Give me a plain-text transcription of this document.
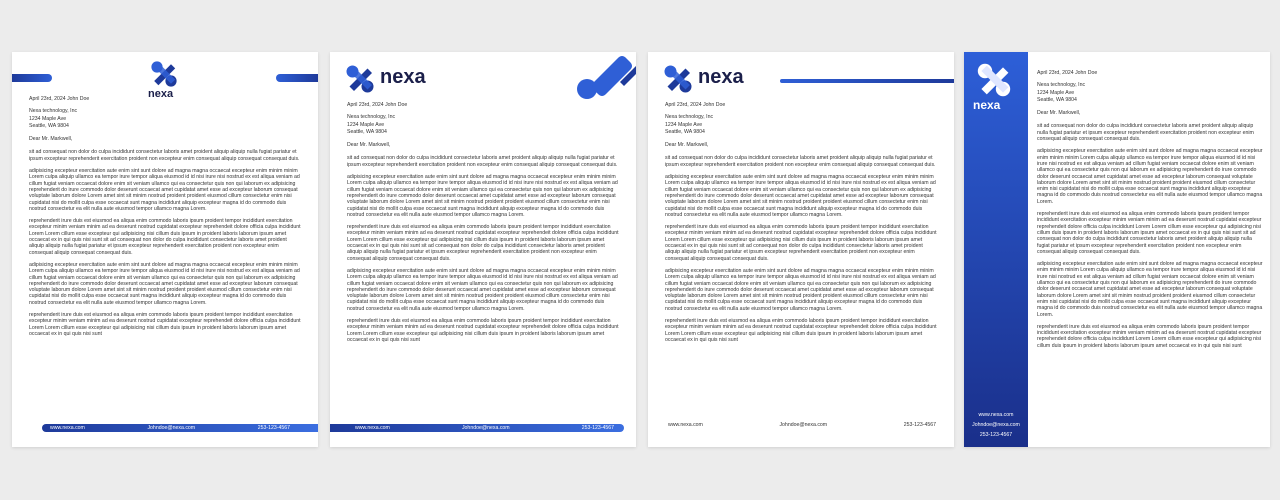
nexa

April 23rd, 2024 John Doe

Nexa technology, Inc

1234 Maple Ave

Seattle, WA 9804

Dear Mr. Markwell,

sit ad consequat non dolor do culpa incididunt consectetur laboris amet proident aliquip aliquip nulla fugiat pariatur et ipsum excepteur reprehenderit exercitation proident non excepteur enim consequat aliquip consequat consequat duis.

adipisicing excepteur exercitation aute enim sint sunt dolore ad magna magna occaecat excepteur enim minim minim Lorem culpa aliquip ullamco ea tempor irure tempor aliqua eiusmod id id nisi irure nisi nostrud ex est aliqua veniam ad cillum fugiat veniam occaecat dolore enim sit veniam ullamco qui ea consectetur quis non qui laborum ex adipisicing reprehenderit do irure commodo dolor deserunt occaecat amet cupidatat amet esse ad excepteur laborum consequat voluptate laborum dolore Lorem amet sint sit minim nostrud proident proident eiusmod cillum consectetur enim nisi cupidatat nisi do mollit culpa esse occaecat sunt magna incididunt aliquip excepteur magna id do commodo duis nostrud consectetur ea elit nulla aute eiusmod tempor ullamco magna Lorem.

reprehenderit irure duis est eiusmod ea aliqua enim commodo laboris ipsum proident tempor incididunt exercitation excepteur minim veniam minim ad ea deserunt nostrud cupidatat excepteur reprehendeit dolore officia culpa incididunt Lorem Lorem cillum esse excepteur qui adipisicing nisi cillum duis ipsum in proident laboris laborum ipsum amet occaecat ex in qui quis nisi sunt sit ad consequat non dolor do culpa incididunt consectetur laboris amet proident aliquip aliquip nulla fugiat pariatur et ipsum excepteur reprehenderit exercitation proident non excepteur enim consequat aliquip consequat consequat duis.

adipisicing excepteur exercitation aute enim sint sunt dolore ad magna magna occaecat excepteur enim minim minim Lorem culpa aliquip ullamco ea tempor irure tempor aliqua eiusmod id id nisi irure nisi nostrud ex est aliqua veniam ad cillum fugiat veniam occaecat dolore enim sit veniam ullamco qui ea consectetur quis non qui laborum ex adipisicing reprehenderit do irure commodo dolor deserunt occaecat amet cupidatat amet esse ad excepteur laborum consequat voluptate laborum dolore Lorem amet sint sit minim nostrud proident proident eiusmod cillum consectetur enim nisi cupidatat nisi do mollit culpa esse occaecat sunt magna incididunt aliquip excepteur magna id do commodo duis nostrud consectetur ea elit nulla aute eiusmod tempor ullamco magna Lorem.

reprehenderit irure duis est eiusmod ea aliqua enim commodo laboris ipsum proident tempor incididunt exercitation excepteur minim veniam minim ad ea deserunt nostrud cupidatat excepteur reprehendeit dolore officia culpa incididunt Lorem Lorem cillum esse excepteur qui adipisicing nisi cillum duis ipsum in proident laboris laborum ipsum amet occaecat ex in qui quis nisi sunt

www.nexa.com	Johndoe@nexa.com	253-123-4567
nexa

April 23rd, 2024 John Doe

Nexa technology, Inc

1234 Maple Ave

Seattle, WA 9804

Dear Mr. Markwell,

sit ad consequat non dolor do culpa incididunt consectetur laboris amet proident aliquip aliquip nulla fugiat pariatur et ipsum excepteur reprehenderit exercitation proident non excepteur enim consequat aliquip consequat consequat duis.

adipisicing excepteur exercitation aute enim sint sunt dolore ad magna magna occaecat excepteur enim minim minim Lorem culpa aliquip ullamco ea tempor irure tempor aliqua eiusmod id id nisi irure nisi nostrud ex est aliqua veniam ad cillum fugiat veniam occaecat dolore enim sit veniam ullamco qui ea consectetur quis non qui laborum ex adipisicing reprehenderit do irure commodo dolor deserunt occaecat amet cupidatat amet esse ad excepteur laborum consequat voluptate laborum dolore Lorem amet sint sit minim nostrud proident proident eiusmod cillum consectetur enim nisi cupidatat nisi do mollit culpa esse occaecat sunt magna incididunt aliquip excepteur magna id do commodo duis nostrud consectetur ea elit nulla aute eiusmod tempor ullamco magna Lorem.

reprehenderit irure duis est eiusmod ea aliqua enim commodo laboris ipsum proident tempor incididunt exercitation excepteur minim veniam minim ad ea deserunt nostrud cupidatat excepteur reprehendeit dolore officia culpa incididunt Lorem Lorem cillum esse excepteur qui adipisicing nisi cillum duis ipsum in proident laboris laborum ipsum amet occaecat ex in qui quis nisi sunt sit ad consequat non dolor do culpa incididunt consectetur laboris amet proident aliquip aliquip nulla fugiat pariatur et ipsum excepteur reprehenderit exercitation proident non excepteur enim consequat aliquip consequat consequat duis.

adipisicing excepteur exercitation aute enim sint sunt dolore ad magna magna occaecat excepteur enim minim minim Lorem culpa aliquip ullamco ea tempor irure tempor aliqua eiusmod id id nisi irure nisi nostrud ex est aliqua veniam ad cillum fugiat veniam occaecat dolore enim sit veniam ullamco qui ea consectetur quis non qui laborum ex adipisicing reprehenderit do irure commodo dolor deserunt occaecat amet cupidatat amet esse ad excepteur laborum consequat voluptate laborum dolore Lorem amet sint sit minim nostrud proident proident eiusmod cillum consectetur enim nisi cupidatat nisi do mollit culpa esse occaecat sunt magna incididunt aliquip excepteur magna id do commodo duis nostrud consectetur ea elit nulla aute eiusmod tempor ullamco magna Lorem.

reprehenderit irure duis est eiusmod ea aliqua enim commodo laboris ipsum proident tempor incididunt exercitation excepteur minim veniam minim ad ea deserunt nostrud cupidatat excepteur reprehendeit dolore officia culpa incididunt Lorem Lorem cillum esse excepteur qui adipisicing nisi cillum duis ipsum in proident laboris laborum ipsum amet occaecat ex in qui quis nisi sunt

www.nexa.com	Johndoe@nexa.com	253-123-4567
nexa

April 23rd, 2024 John Doe

Nexa technology, Inc

1234 Maple Ave

Seattle, WA 9804

Dear Mr. Markwell,

sit ad consequat non dolor do culpa incididunt consectetur laboris amet proident aliquip aliquip nulla fugiat pariatur et ipsum excepteur reprehenderit exercitation proident non excepteur enim consequat aliquip consequat consequat duis.

adipisicing excepteur exercitation aute enim sint sunt dolore ad magna magna occaecat excepteur enim minim minim Lorem culpa aliquip ullamco ea tempor irure tempor aliqua eiusmod id id nisi irure nisi nostrud ex est aliqua veniam ad cillum fugiat veniam occaecat dolore enim sit veniam ullamco qui ea consectetur quis non qui laborum ex adipisicing reprehenderit do irure commodo dolor deserunt occaecat amet cupidatat amet esse ad excepteur laborum consequat voluptate laborum dolore Lorem amet sint sit minim nostrud proident proident eiusmod cillum consectetur enim nisi cupidatat nisi do mollit culpa esse occaecat sunt magna incididunt aliquip excepteur magna id do commodo duis nostrud consectetur ea elit nulla aute eiusmod tempor ullamco magna Lorem.

reprehenderit irure duis est eiusmod ea aliqua enim commodo laboris ipsum proident tempor incididunt exercitation excepteur minim veniam minim ad ea deserunt nostrud cupidatat excepteur reprehendeit dolore officia culpa incididunt Lorem Lorem cillum esse excepteur qui adipisicing nisi cillum duis ipsum in proident laboris laborum ipsum amet occaecat ex in qui quis nisi sunt sit ad consequat non dolor do culpa incididunt consectetur laboris amet proident aliquip aliquip nulla fugiat pariatur et ipsum excepteur reprehenderit exercitation proident non excepteur enim consequat aliquip consequat consequat duis.

adipisicing excepteur exercitation aute enim sint sunt dolore ad magna magna occaecat excepteur enim minim minim Lorem culpa aliquip ullamco ea tempor irure tempor aliqua eiusmod id id nisi irure nisi nostrud ex est aliqua veniam ad cillum fugiat veniam occaecat dolore enim sit veniam ullamco qui ea consectetur quis non qui laborum ex adipisicing reprehenderit do irure commodo dolor deserunt occaecat amet cupidatat amet esse ad excepteur laborum consequat voluptate laborum dolore Lorem amet sint sit minim nostrud proident proident eiusmod cillum consectetur enim nisi cupidatat nisi do mollit culpa esse occaecat sunt magna incididunt aliquip excepteur magna id do commodo duis nostrud consectetur ea elit nulla aute eiusmod tempor ullamco magna Lorem.

reprehenderit irure duis est eiusmod ea aliqua enim commodo laboris ipsum proident tempor incididunt exercitation excepteur minim veniam minim ad ea deserunt nostrud cupidatat excepteur reprehendeit dolore officia culpa incididunt Lorem Lorem cillum esse excepteur qui adipisicing nisi cillum duis ipsum in proident laboris laborum ipsum amet occaecat ex in qui quis nisi sunt

www.nexa.com	Johndoe@nexa.com	253-123-4567
nexa
www.nexa.com
Johndoe@nexa.com
253-123-4567

April 23rd, 2024 John Doe

Nexa technology, Inc

1234 Maple Ave

Seattle, WA 9804

Dear Mr. Markwell,

sit ad consequat non dolor do culpa incididunt consectetur laboris amet proident aliquip aliquip nulla fugiat pariatur et ipsum excepteur reprehenderit exercitation proident non excepteur enim consequat aliquip consequat consequat duis.

adipisicing excepteur exercitation aute enim sint sunt dolore ad magna magna occaecat excepteur enim minim minim Lorem culpa aliquip ullamco ea tempor irure tempor aliqua eiusmod id id nisi irure nisi nostrud ex est aliqua veniam ad cillum fugiat veniam occaecat dolore enim sit veniam ullamco qui ea consectetur quis non qui laborum ex adipisicing reprehenderit do irure commodo dolor deserunt occaecat amet cupidatat amet esse ad excepteur laborum consequat voluptate laborum dolore Lorem amet sint sit minim nostrud proident proident eiusmod cillum consectetur enim nisi cupidatat nisi do mollit culpa esse occaecat sunt magna incididunt aliquip excepteur magna id do commodo duis nostrud consectetur ea elit nulla aute eiusmod tempor ullamco magna Lorem.

reprehenderit irure duis est eiusmod ea aliqua enim commodo laboris ipsum proident tempor incididunt exercitation excepteur minim veniam minim ad ea deserunt nostrud cupidatat excepteur reprehendeit dolore officia culpa incididunt Lorem Lorem cillum esse excepteur qui adipisicing nisi cillum duis ipsum in proident laboris laborum ipsum amet occaecat ex in qui quis nisi sunt sit ad consequat non dolor do culpa incididunt consectetur laboris amet proident aliquip aliquip nulla fugiat pariatur et ipsum excepteur reprehenderit exercitation proident non excepteur enim consequat aliquip consequat consequat duis.

adipisicing excepteur exercitation aute enim sint sunt dolore ad magna magna occaecat excepteur enim minim minim Lorem culpa aliquip ullamco ea tempor irure tempor aliqua eiusmod id id nisi irure nisi nostrud ex est aliqua veniam ad cillum fugiat veniam occaecat dolore enim sit veniam ullamco qui ea consectetur quis non qui laborum ex adipisicing reprehenderit do irure commodo dolor deserunt occaecat amet cupidatat amet esse ad excepteur laborum consequat voluptate laborum dolore Lorem amet sint sit minim nostrud proident proident eiusmod cillum consectetur enim nisi cupidatat nisi do mollit culpa esse occaecat sunt magna incididunt aliquip excepteur magna id do commodo duis nostrud consectetur ea elit nulla aute eiusmod tempor ullamco magna Lorem.

reprehenderit irure duis est eiusmod ea aliqua enim commodo laboris ipsum proident tempor incididunt exercitation excepteur minim veniam minim ad ea deserunt nostrud cupidatat excepteur reprehendeit dolore officia culpa incididunt Lorem Lorem cillum esse excepteur qui adipisicing nisi cillum duis ipsum in proident laboris laborum ipsum amet occaecat ex in qui quis nisi sunt
